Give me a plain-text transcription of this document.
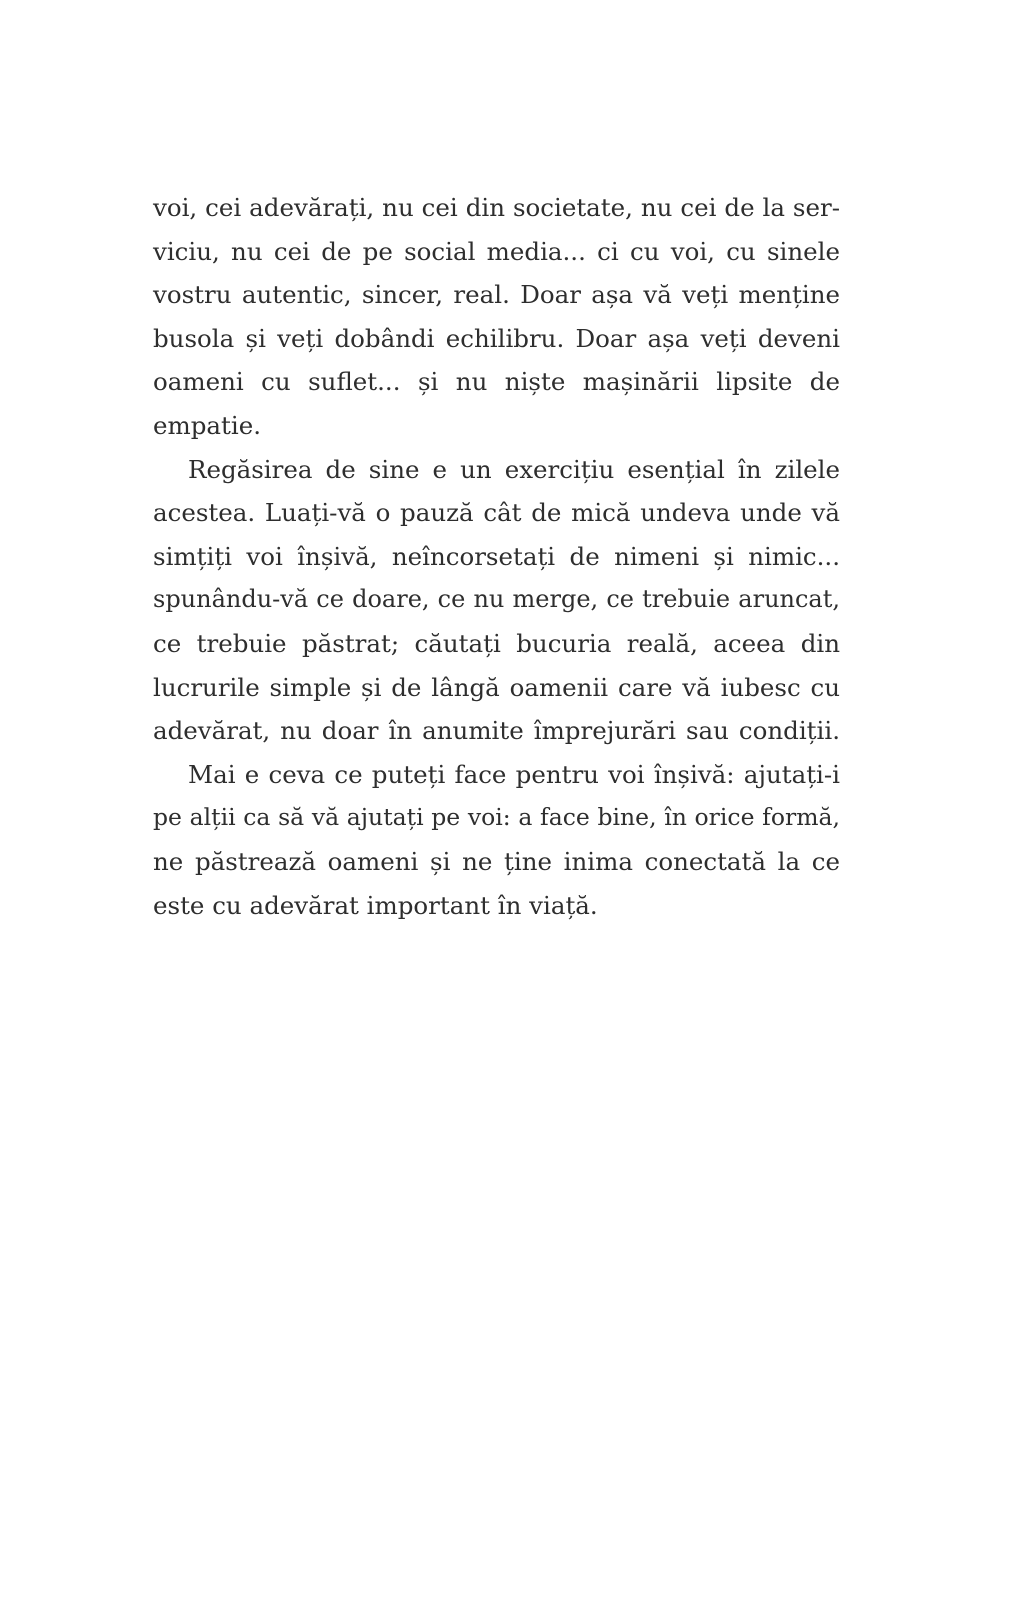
voi, cei adevărați, nu cei din societate, nu cei de la ser-
viciu, nu cei de pe social media... ci cu voi, cu sinele
vostru autentic, sincer, real. Doar așa vă veți menține
busola și veți dobândi echilibru. Doar așa veți deveni
oameni cu suflet... și nu niște mașinării lipsite de
empatie.
Regăsirea de sine e un exercițiu esențial în zilele
acestea. Luați-vă o pauză cât de mică undeva unde vă
simțiți voi înșivă, neîncorsetați de nimeni și nimic...
spunându-vă ce doare, ce nu merge, ce trebuie aruncat,
ce trebuie păstrat; căutați bucuria reală, aceea din
lucrurile simple și de lângă oamenii care vă iubesc cu
adevărat, nu doar în anumite împrejurări sau condiții.
Mai e ceva ce puteți face pentru voi înșivă: ajutați-i
pe alții ca să vă ajutați pe voi: a face bine, în orice formă,
ne păstrează oameni și ne ține inima conectată la ce
este cu adevărat important în viață.
